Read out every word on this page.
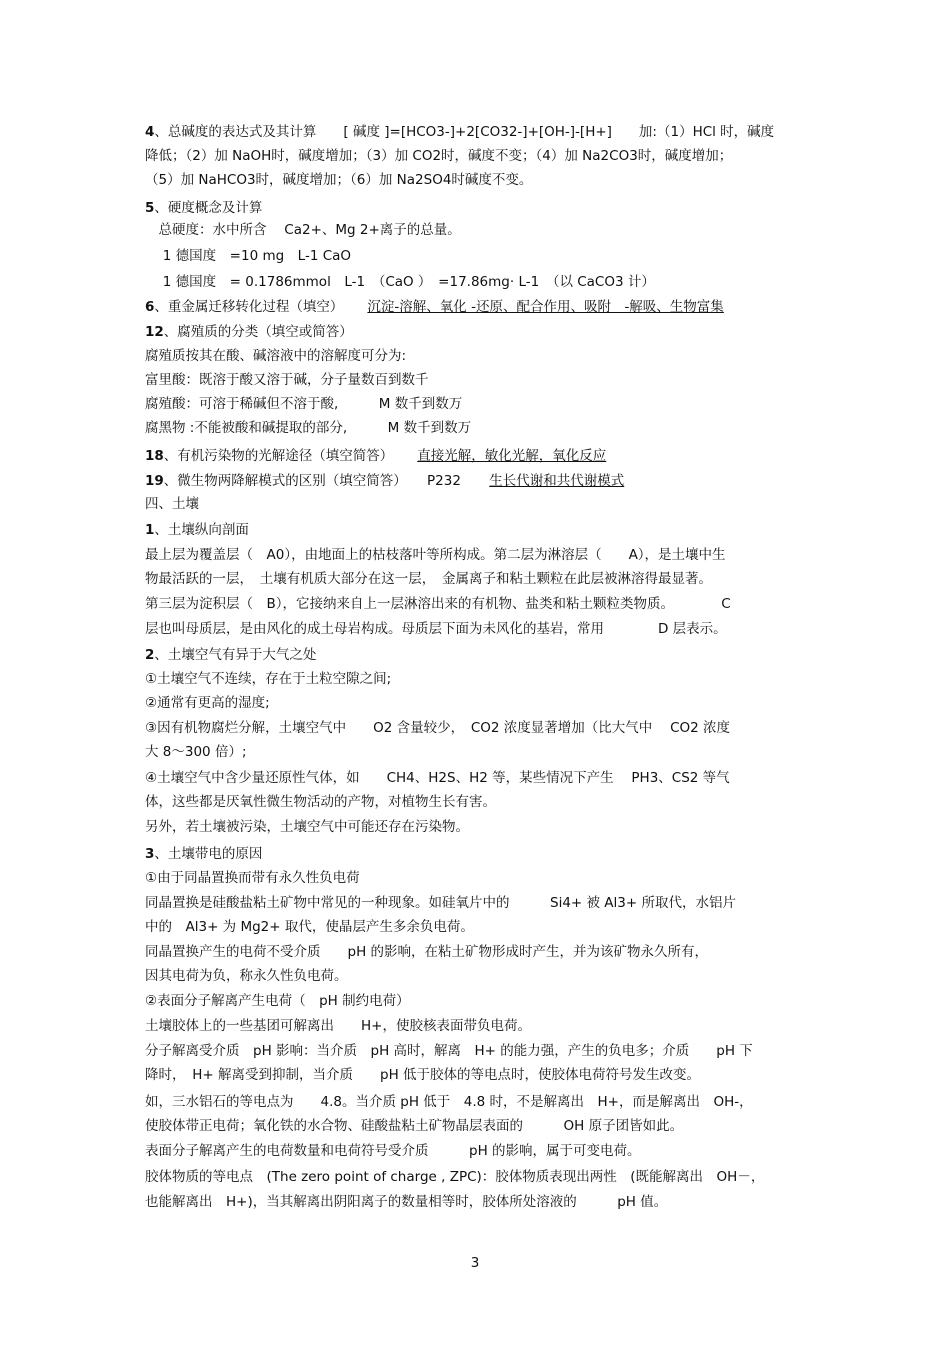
4、总碱度的表达式及其计算　　[ 碱度 ]=[HCO3-]+2[CO32-]+[OH-]-[H+]　　加:（1）HCl 时，碱度
降低；（2）加 NaOH时，碱度增加；（3）加 CO2时，碱度不变；（4）加 Na2CO3时，碱度增加；
（5）加 NaHCO3时，碱度增加；（6）加 Na2SO4时碱度不变。
5、硬度概念及计算
　总硬度：水中所含　 Ca2+、Mg 2+离子的总量。
　 1 德国度　=10 mg　L-1 CaO
　 1 德国度　= 0.1786mmol　L-1　（CaO ）　=17.86mg· L-1　（以 CaCO3 计）
6、重金属迁移转化过程（填空） 沉淀-溶解、氧化 -还原、配合作用、吸附　-解吸、生物富集
12、腐殖质的分类（填空或简答）
腐殖质按其在酸、碱溶液中的溶解度可分为:
富里酸：既溶于酸又溶于碱，分子量数百到数千
腐殖酸：可溶于稀碱但不溶于酸,　　　M 数千到数万
腐黑物 :不能被酸和碱提取的部分,　　　M 数千到数万
18、有机污染物的光解途径（填空简答） 直接光解，敏化光解，氧化反应
19、微生物两降解模式的区别（填空简答）　　P232 生长代谢和共代谢模式
四、土壤
1、土壤纵向剖面
最上层为覆盖层（　A0），由地面上的枯枝落叶等所构成。第二层为淋溶层（　　A），是土壤中生
物最活跃的一层，　土壤有机质大部分在这一层，　金属离子和粘土颗粒在此层被淋溶得最显著。
第三层为淀积层（　B），它接纳来自上一层淋溶出来的有机物、盐类和粘土颗粒类物质。　　　　C
层也叫母质层，是由风化的成土母岩构成。母质层下面为未风化的基岩，常用　　　　D 层表示。
2、土壤空气有异于大气之处
①土壤空气不连续，存在于土粒空隙之间;
②通常有更高的湿度;
③因有机物腐烂分解，土壤空气中　　O2 含量较少，　CO2 浓度显著增加（比大气中　 CO2 浓度
大 8～300 倍）;
④土壤空气中含少量还原性气体，如　　CH4、H2S、H2 等，某些情况下产生　 PH3、CS2 等气
体，这些都是厌氧性微生物活动的产物，对植物生长有害。
另外，若土壤被污染，土壤空气中可能还存在污染物。
3、土壤带电的原因
①由于同晶置换而带有永久性负电荷
同晶置换是硅酸盐粘土矿物中常见的一种现象。如硅氧片中的　　　Si4+ 被 Al3+ 所取代，水铝片
中的　Al3+ 为 Mg2+ 取代，使晶层产生多余负电荷。
同晶置换产生的电荷不受介质　　pH 的影响，在粘土矿物形成时产生，并为该矿物永久所有，
因其电荷为负，称永久性负电荷。
②表面分子解离产生电荷（　pH 制约电荷）
土壤胶体上的一些基团可解离出　　H+，使胶核表面带负电荷。
分子解离受介质　pH 影响：当介质　pH 高时，解离　H+ 的能力强，产生的负电多；介质　　pH 下
降时，　H+ 解离受到抑制，当介质　　pH 低于胶体的等电点时，使胶体电荷符号发生改变。
如，三水铝石的等电点为　　4.8。当介质 pH 低于　4.8 时，不是解离出　H+，而是解离出　OH-，
使胶体带正电荷；氧化铁的水合物、硅酸盐粘土矿物晶层表面的　　　OH 原子团皆如此。
表面分子解离产生的电荷数量和电荷符号受介质　　　pH 的影响，属于可变电荷。
胶体物质的等电点　(The zero point of charge , ZPC)：胶体物质表现出两性　(既能解离出　OH－，
也能解离出　H+)，当其解离出阴阳离子的数量相等时，胶体所处溶液的　　　pH 值。
3
